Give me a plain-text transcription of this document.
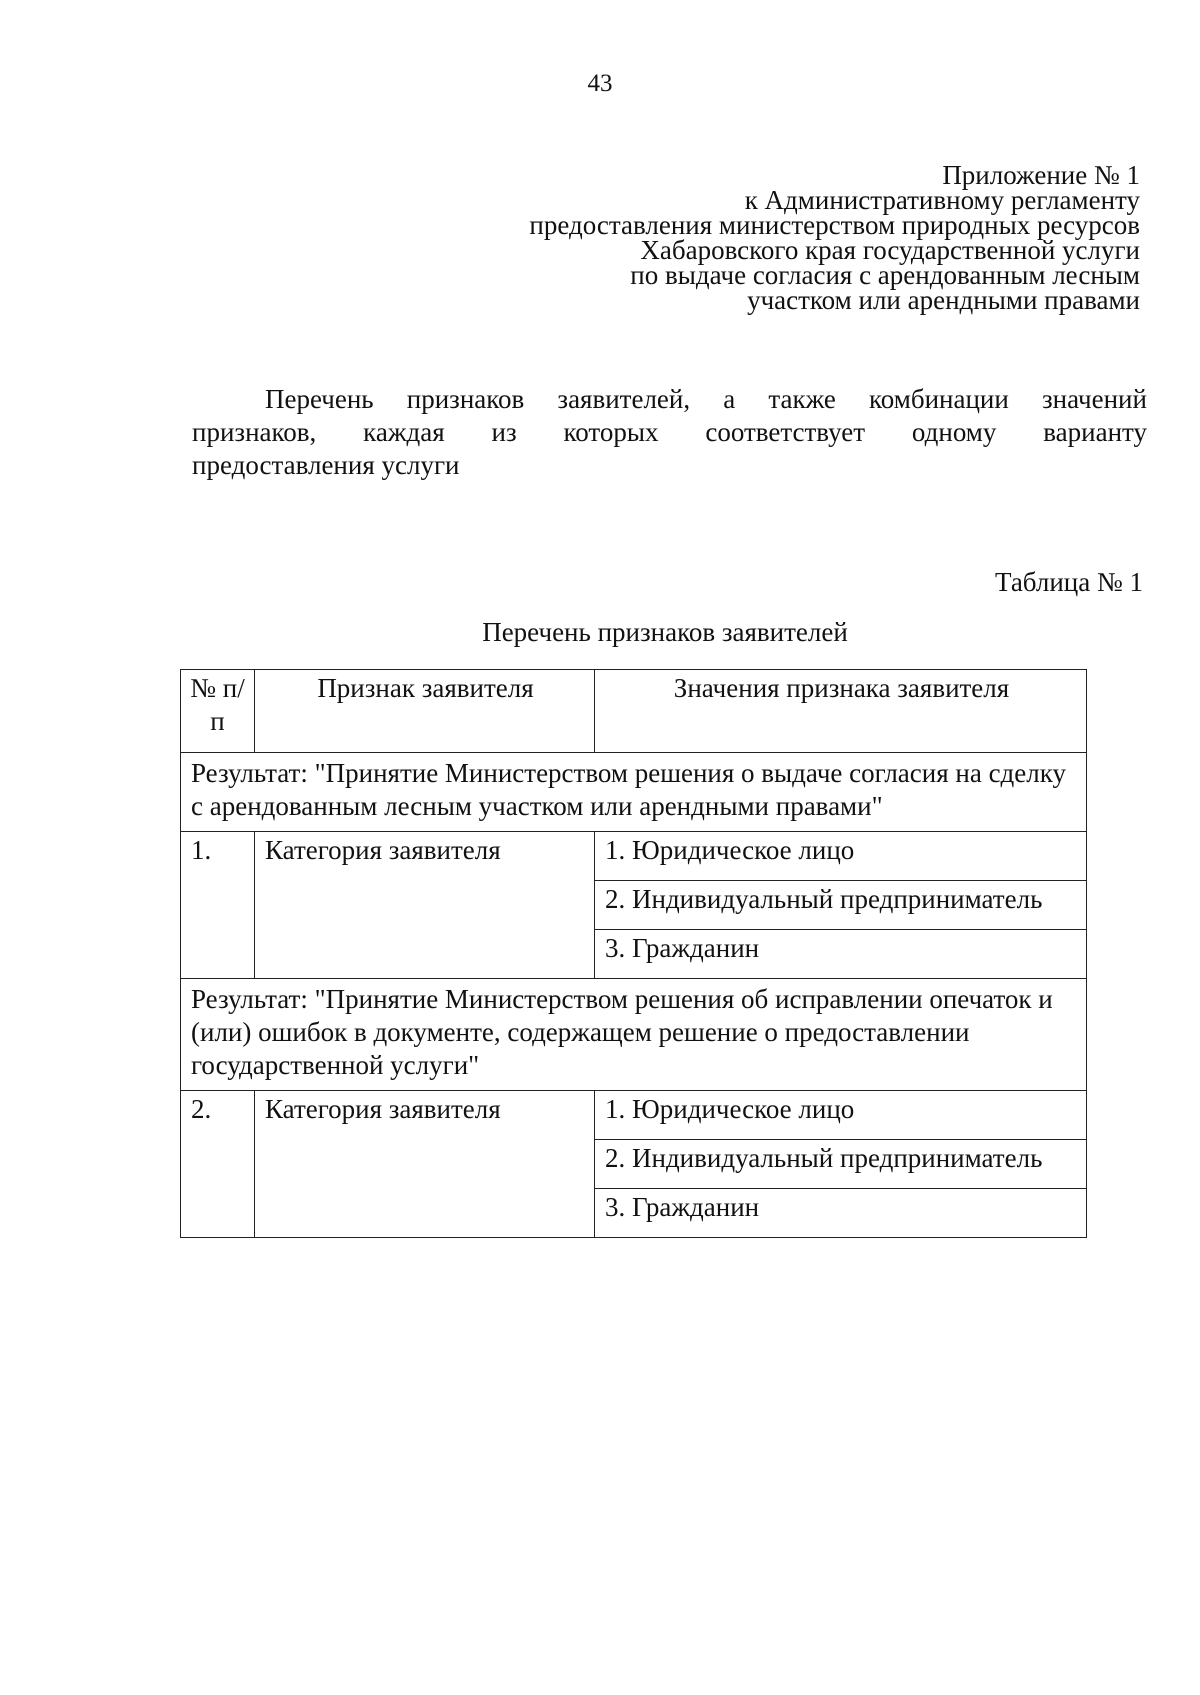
43
Приложение № 1
к Административному регламенту
предоставления министерством природных ресурсов
Хабаровского края государственной услуги
по выдаче согласия с арендованным лесным
участком или арендными правами
Перечень признаков заявителей, а также комбинации значений
признаков, каждая из которых соответствует одному варианту
предоставления услуги
Таблица № 1
Перечень признаков заявителей
№ п/п	Признак заявителя	Значения признака заявителя
Результат: "Принятие Министерством решения о выдаче согласия на сделку с арендованным лесным участком или арендными правами"		
1.	Категория заявителя	1. Юридическое лицо
		2. Индивидуальный предприниматель
		3. Гражданин
Результат: "Принятие Министерством решения об исправлении опечаток и (или) ошибок в документе, содержащем решение о предоставлении государственной услуги"		
2.	Категория заявителя	1. Юридическое лицо
		2. Индивидуальный предприниматель
		3. Гражданин
